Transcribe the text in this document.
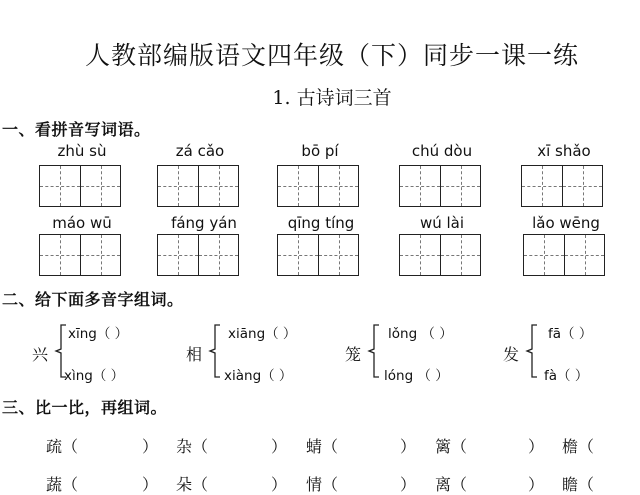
人教部编版语文四年级（下）同步一课一练
1. 古诗词三首
一、看拼音写词语。
zhù sù	zá cǎo	bō pí	chú dòu	xī shǎo
máo wū	fáng yán	qīng tíng	wú lài	lǎo wēng
二、给下面多音字组词。
兴
xīng（ ）
xìng（ ）
相
xiāng（ ）
xiàng（ ）
笼
lǒng （ ）
lóng （ ）
发
fā（ ）
fà（ ）
三、比一比，再组词。
疏（	） 杂（	） 蜻（	） 篱（	） 檐（
蔬（	） 朵（	） 情（	） 离（	） 瞻（
